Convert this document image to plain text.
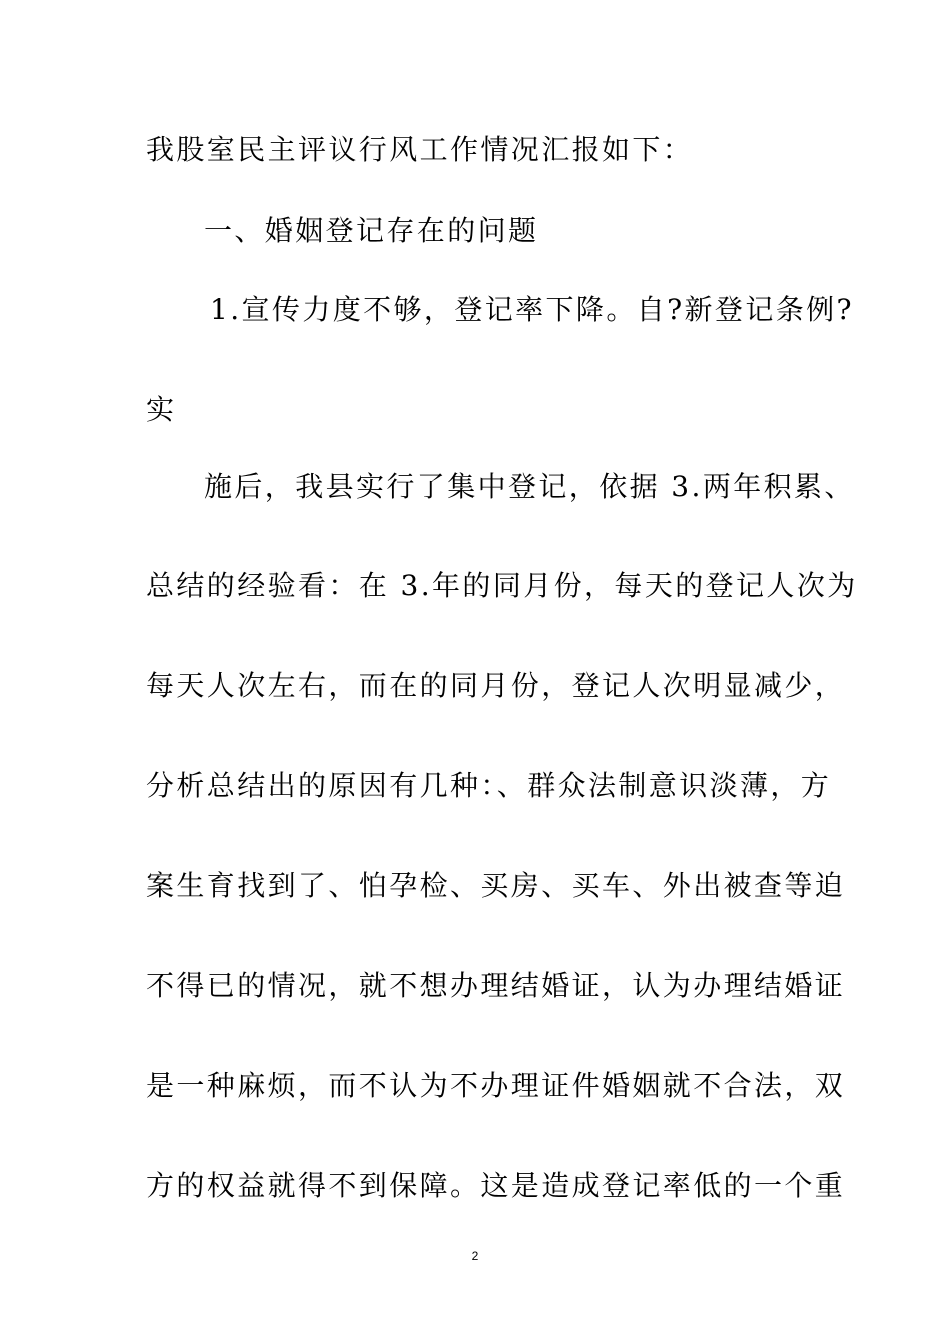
我股室民主评议行风工作情况汇报如下：
一、婚姻登记存在的问题
1.宣传力度不够，登记率下降。自?新登记条例?
实
施后，我县实行了集中登记，依据 3.两年积累、
总结的经验看：在 3.年的同月份，每天的登记人次为
每天人次左右，而在的同月份，登记人次明显减少，
分析总结出的原因有几种：、群众法制意识淡薄，方
案生育找到了、怕孕检、买房、买车、外出被查等迫
不得已的情况，就不想办理结婚证，认为办理结婚证
是一种麻烦，而不认为不办理证件婚姻就不合法，双
方的权益就得不到保障。这是造成登记率低的一个重
2
